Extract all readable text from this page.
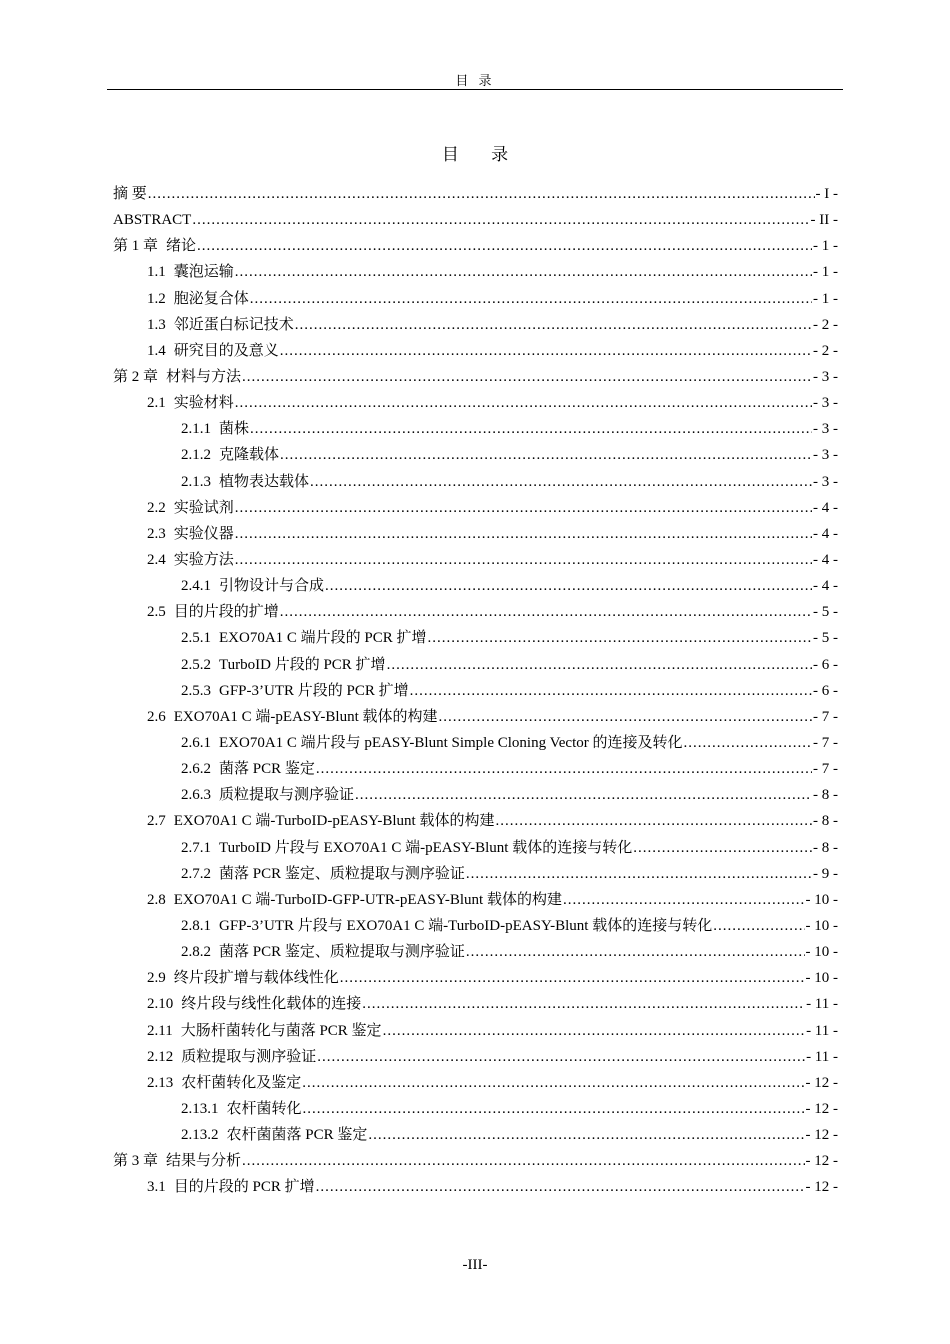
目 录
目 录
摘 要 .....	- I -
ABSTRACT .....	- II -
第 1 章 绪论 .....	- 1 -
1.1 囊泡运输 .....	- 1 -
1.2 胞泌复合体 .....	- 1 -
1.3 邻近蛋白标记技术 .....	- 2 -
1.4 研究目的及意义 .....	- 2 -
第 2 章 材料与方法 .....	- 3 -
2.1 实验材料 .....	- 3 -
2.1.1 菌株 .....	- 3 -
2.1.2 克隆载体 .....	- 3 -
2.1.3 植物表达载体 .....	- 3 -
2.2 实验试剂 .....	- 4 -
2.3 实验仪器 .....	- 4 -
2.4 实验方法 .....	- 4 -
2.4.1 引物设计与合成 .....	- 4 -
2.5 目的片段的扩增 .....	- 5 -
2.5.1 EXO70A1 C 端片段的 PCR 扩增 .....	- 5 -
2.5.2 TurboID 片段的 PCR 扩增 .....	- 6 -
2.5.3 GFP-3’UTR 片段的 PCR 扩增 .....	- 6 -
2.6 EXO70A1 C 端-pEASY-Blunt 载体的构建 .....	- 7 -
2.6.1 EXO70A1 C 端片段与 pEASY-Blunt Simple Cloning Vector 的连接及转化 .....	- 7 -
2.6.2 菌落 PCR 鉴定 .....	- 7 -
2.6.3 质粒提取与测序验证 .....	- 8 -
2.7 EXO70A1 C 端-TurboID-pEASY-Blunt 载体的构建 .....	- 8 -
2.7.1 TurboID 片段与 EXO70A1 C 端-pEASY-Blunt 载体的连接与转化 .....	- 8 -
2.7.2 菌落 PCR 鉴定、质粒提取与测序验证 .....	- 9 -
2.8 EXO70A1 C 端-TurboID-GFP-UTR-pEASY-Blunt 载体的构建 .....	- 10 -
2.8.1 GFP-3’UTR 片段与 EXO70A1 C 端-TurboID-pEASY-Blunt 载体的连接与转化 .....	- 10 -
2.8.2 菌落 PCR 鉴定、质粒提取与测序验证 .....	- 10 -
2.9 终片段扩增与载体线性化 .....	- 10 -
2.10 终片段与线性化载体的连接 .....	- 11 -
2.11 大肠杆菌转化与菌落 PCR 鉴定 .....	- 11 -
2.12 质粒提取与测序验证 .....	- 11 -
2.13 农杆菌转化及鉴定 .....	- 12 -
2.13.1 农杆菌转化 .....	- 12 -
2.13.2 农杆菌菌落 PCR 鉴定 .....	- 12 -
第 3 章 结果与分析 .....	- 12 -
3.1 目的片段的 PCR 扩增 .....	- 12 -
-III-
